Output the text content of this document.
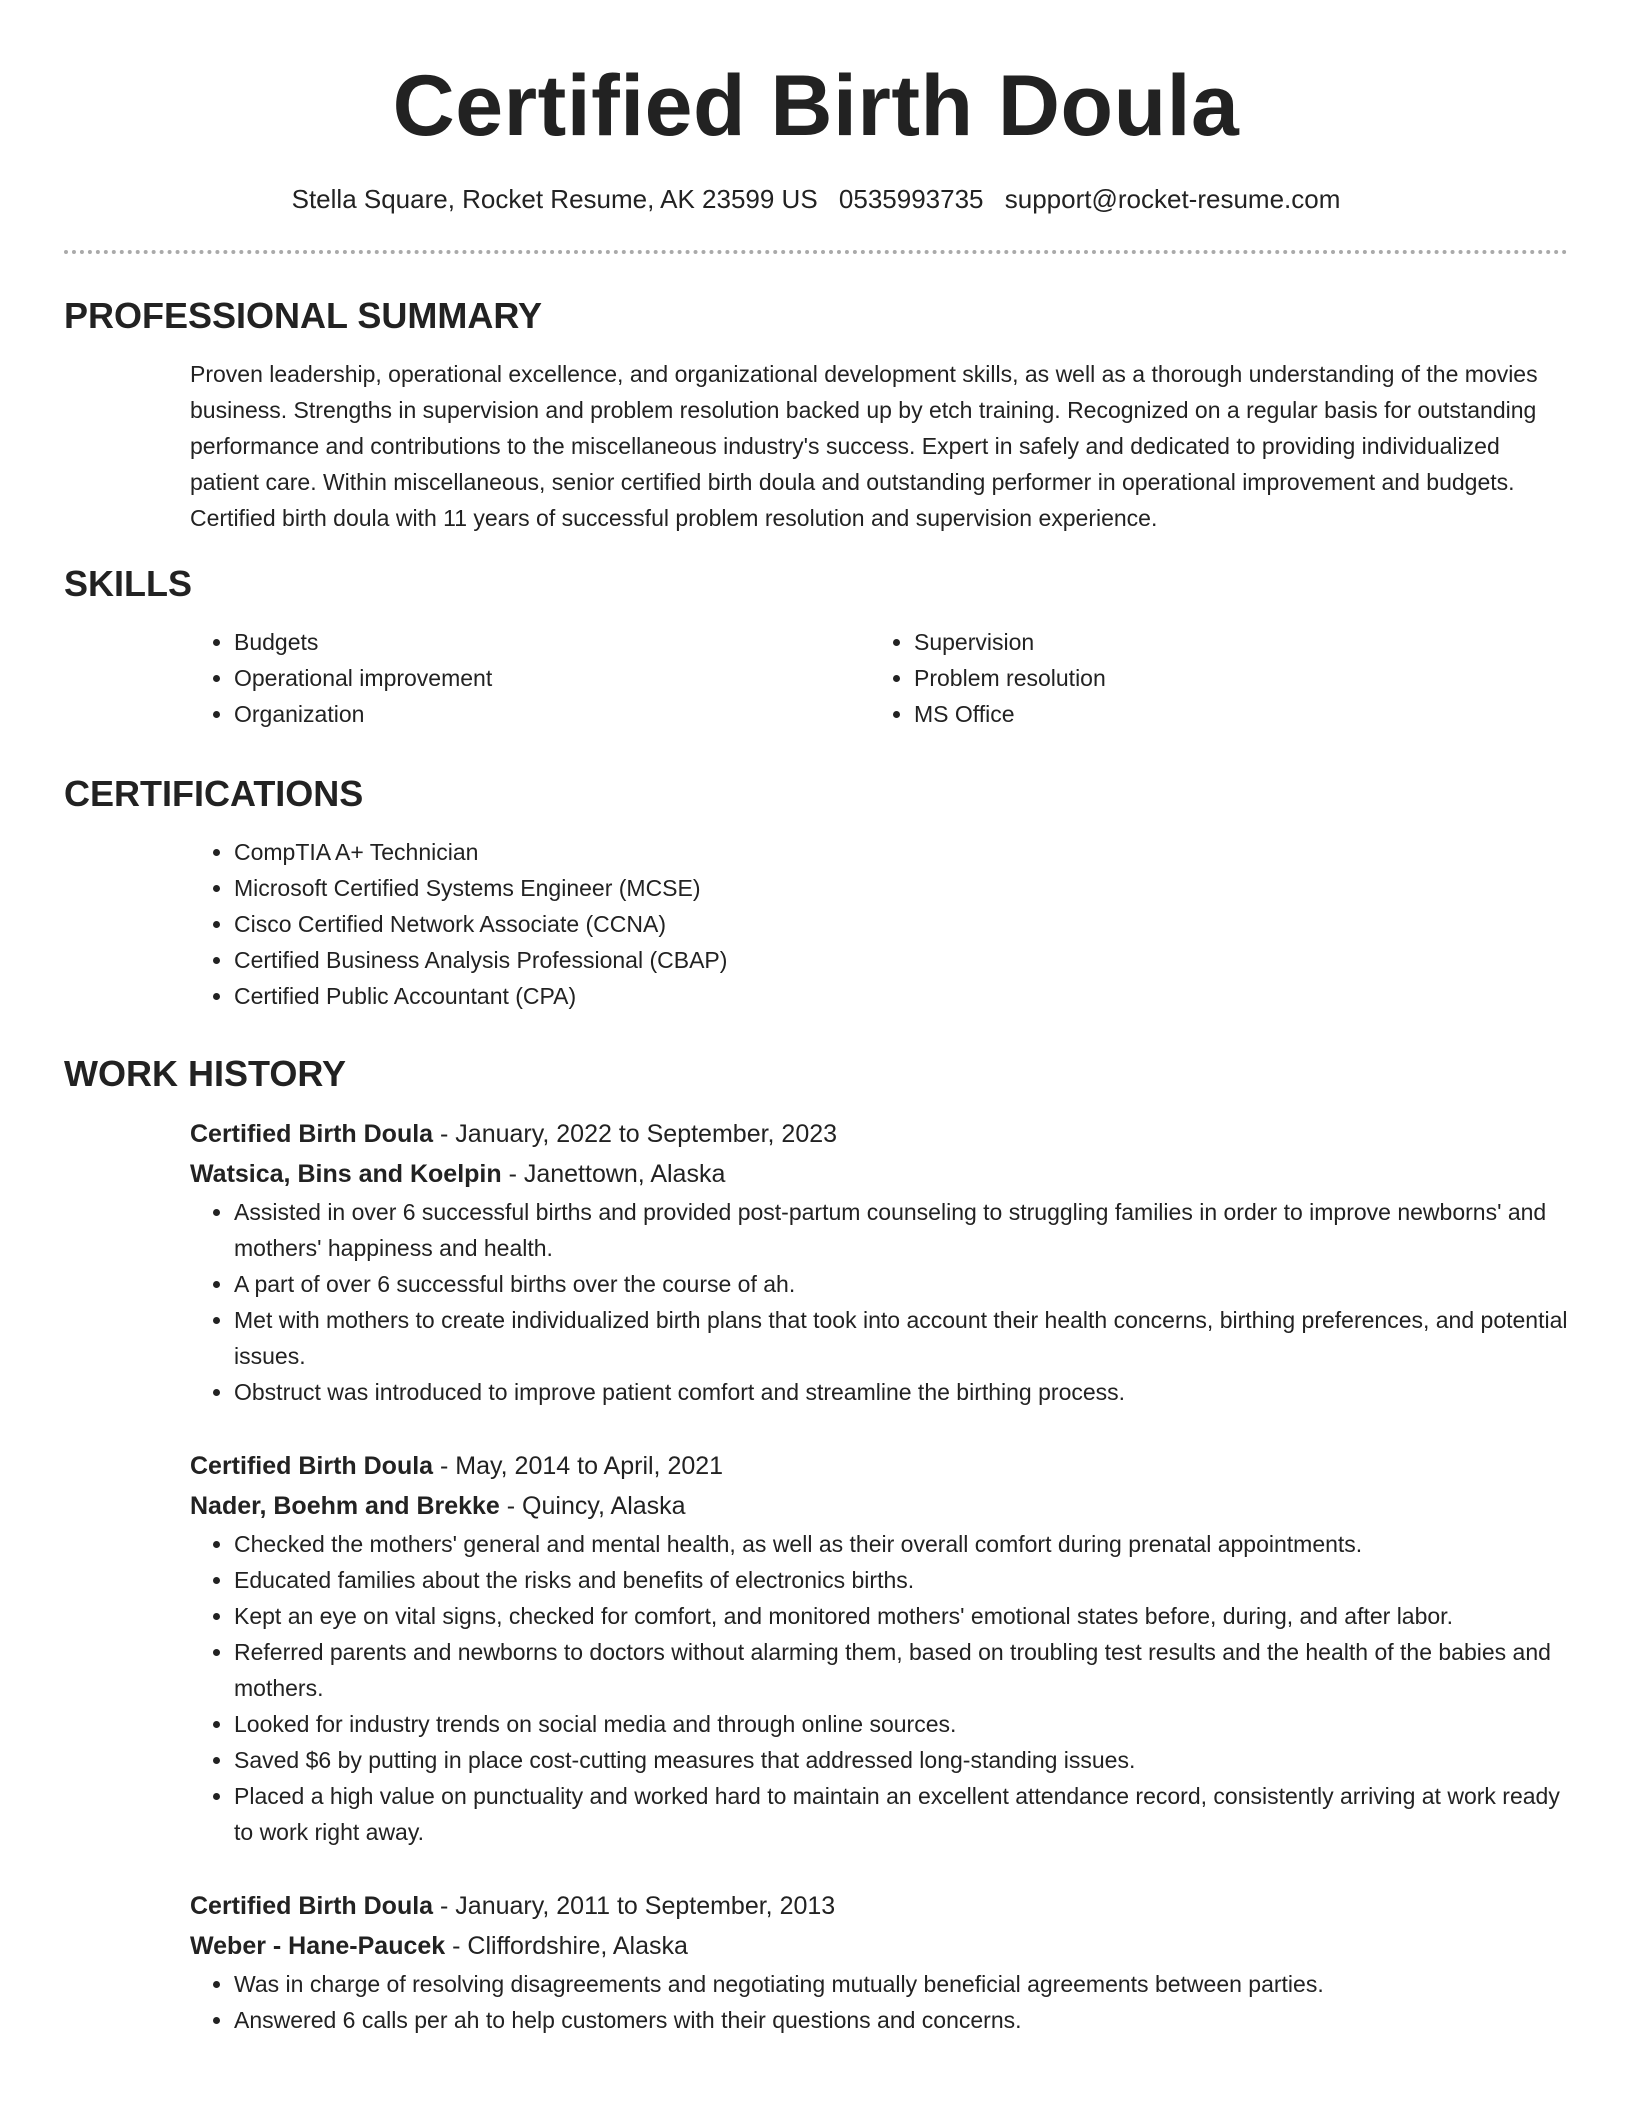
Certified Birth Doula
Stella Square, Rocket Resume, AK 23599 US 0535993735 support@rocket-resume.com
PROFESSIONAL SUMMARY

Proven leadership, operational excellence, and organizational development skills, as well as a thorough understanding of the movies business. Strengths in supervision and problem resolution backed up by etch training. Recognized on a regular basis for outstanding performance and contributions to the miscellaneous industry's success. Expert in safely and dedicated to providing individualized patient care. Within miscellaneous, senior certified birth doula and outstanding performer in operational improvement and budgets. Certified birth doula with 11 years of successful problem resolution and supervision experience.

SKILLS
• Budgets
• Operational improvement
• Organization
• Supervision
• Problem resolution
• MS Office
CERTIFICATIONS
• CompTIA A+ Technician
• Microsoft Certified Systems Engineer (MCSE)
• Cisco Certified Network Associate (CCNA)
• Certified Business Analysis Professional (CBAP)
• Certified Public Accountant (CPA)
WORK HISTORY
Certified Birth Doula - January, 2022 to September, 2023
Watsica, Bins and Koelpin - Janettown, Alaska
• Assisted in over 6 successful births and provided post-partum counseling to struggling families in order to improve newborns' and mothers' happiness and health.
• A part of over 6 successful births over the course of ah.
• Met with mothers to create individualized birth plans that took into account their health concerns, birthing preferences, and potential issues.
• Obstruct was introduced to improve patient comfort and streamline the birthing process.
Certified Birth Doula - May, 2014 to April, 2021
Nader, Boehm and Brekke - Quincy, Alaska
• Checked the mothers' general and mental health, as well as their overall comfort during prenatal appointments.
• Educated families about the risks and benefits of electronics births.
• Kept an eye on vital signs, checked for comfort, and monitored mothers' emotional states before, during, and after labor.
• Referred parents and newborns to doctors without alarming them, based on troubling test results and the health of the babies and mothers.
• Looked for industry trends on social media and through online sources.
• Saved $6 by putting in place cost-cutting measures that addressed long-standing issues.
• Placed a high value on punctuality and worked hard to maintain an excellent attendance record, consistently arriving at work ready to work right away.
Certified Birth Doula - January, 2011 to September, 2013
Weber - Hane-Paucek - Cliffordshire, Alaska
• Was in charge of resolving disagreements and negotiating mutually beneficial agreements between parties.
• Answered 6 calls per ah to help customers with their questions and concerns.
